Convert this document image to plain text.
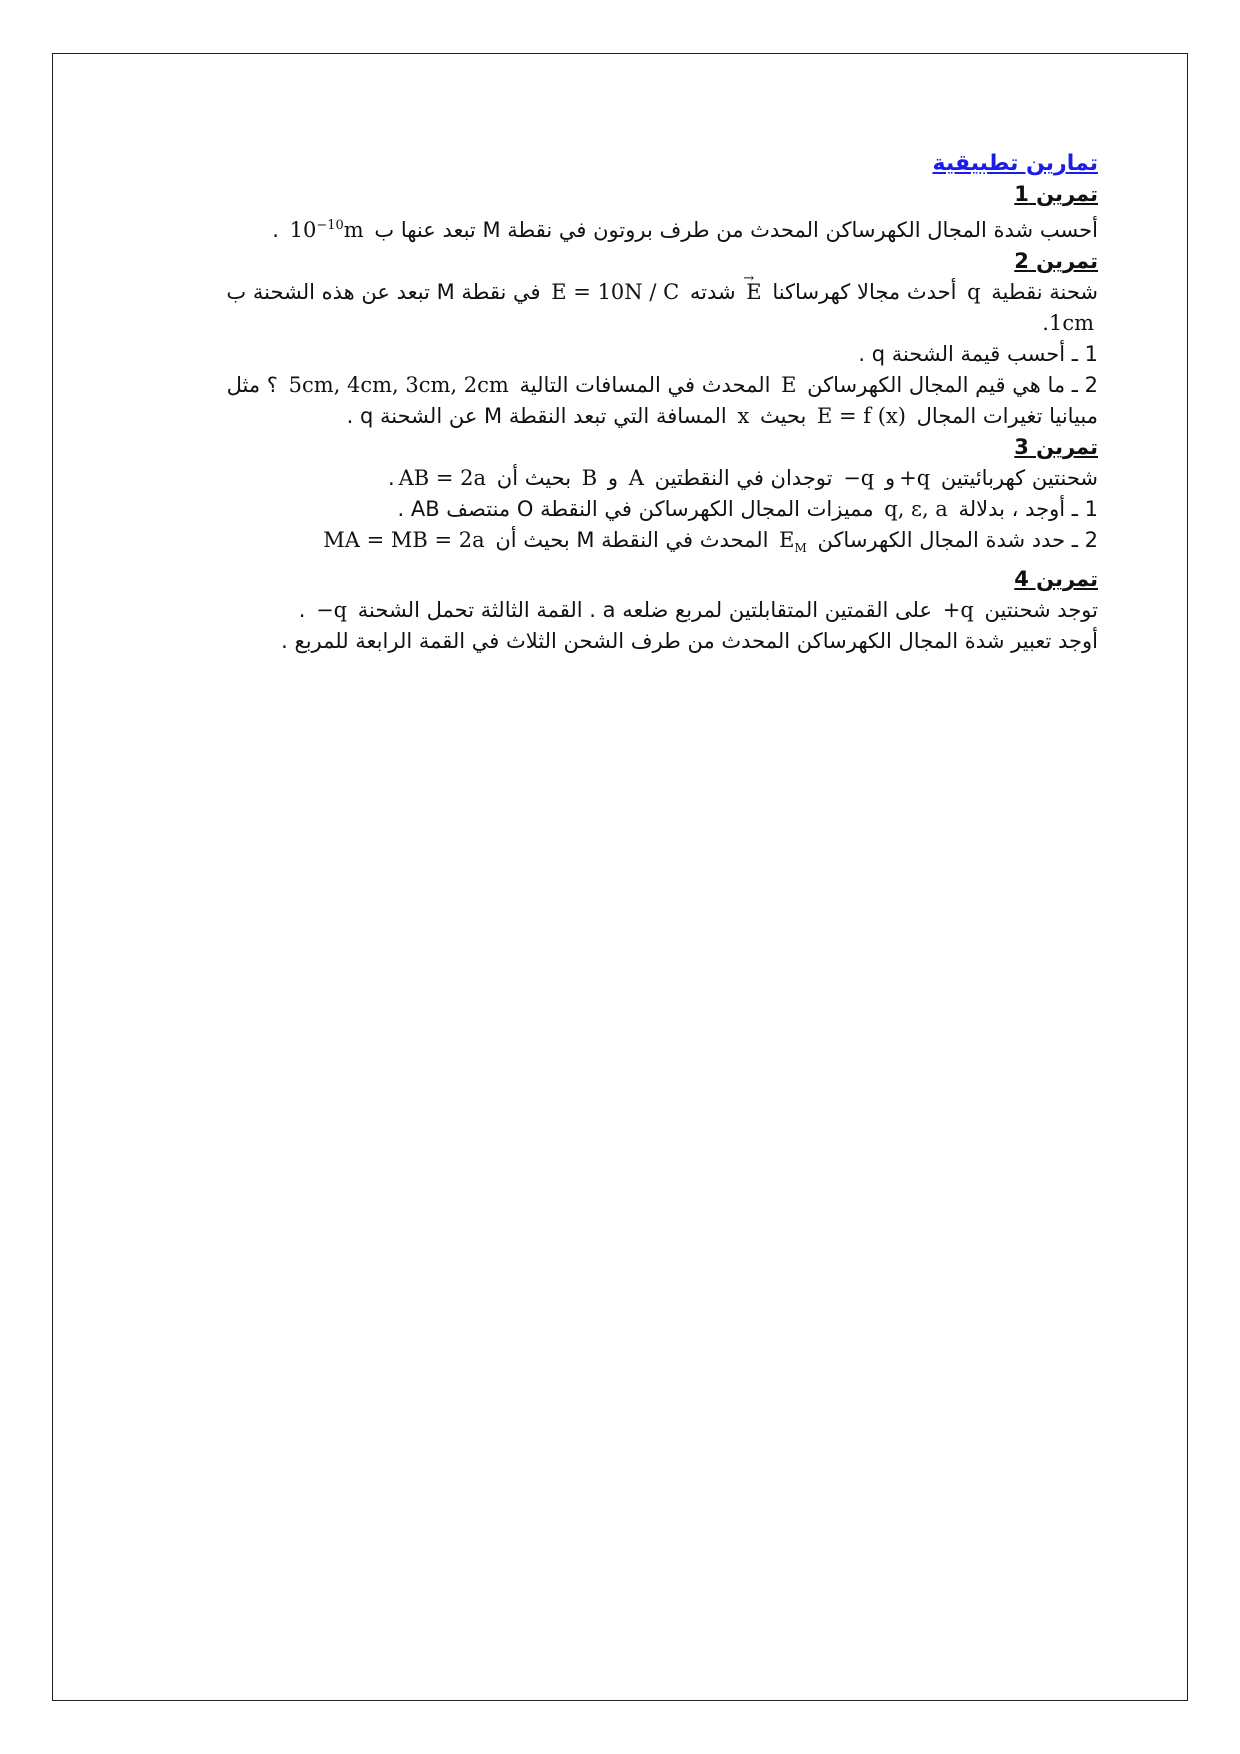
تمارين تطبيقية
تمرين 1
أحسب شدة المجال الكهرساكن المحدث من طرف بروتون في نقطة M تبعد عنها ب $10^{-10}m$ .
تمرين 2
شحنة نقطية q أحدث مجالا كهرساكنا → E شدته E = 10N / C في نقطة M تبعد عن هذه الشحنة ب
.1cm
1 ـ أحسب قيمة الشحنة q .
2 ـ ما هي قيم المجال الكهرساكن E المحدث في المسافات التالية 5cm, 4cm, 3cm, 2cm ؟ مثل
مبيانيا تغيرات المجال E = f (x) بحيث x المسافة التي تبعد النقطة M عن الشحنة q .
تمرين 3
شحنتين كهربائيتين +qو −q توجدان في النقطتين A و B بحيث أن AB = 2a.
1 ـ أوجد ، بدلالة q, ε, a مميزات المجال الكهرساكن في النقطة O منتصف AB .
2 ـ حدد شدة المجال الكهرساكن $E_M$ المحدث في النقطة M بحيث أن MA = MB = 2a
تمرين 4
توجد شحنتين +q على القمتين المتقابلتين لمربع ضلعه a . القمة الثالثة تحمل الشحنة −q .
أوجد تعبير شدة المجال الكهرساكن المحدث من طرف الشحن الثلاث في القمة الرابعة للمربع .
